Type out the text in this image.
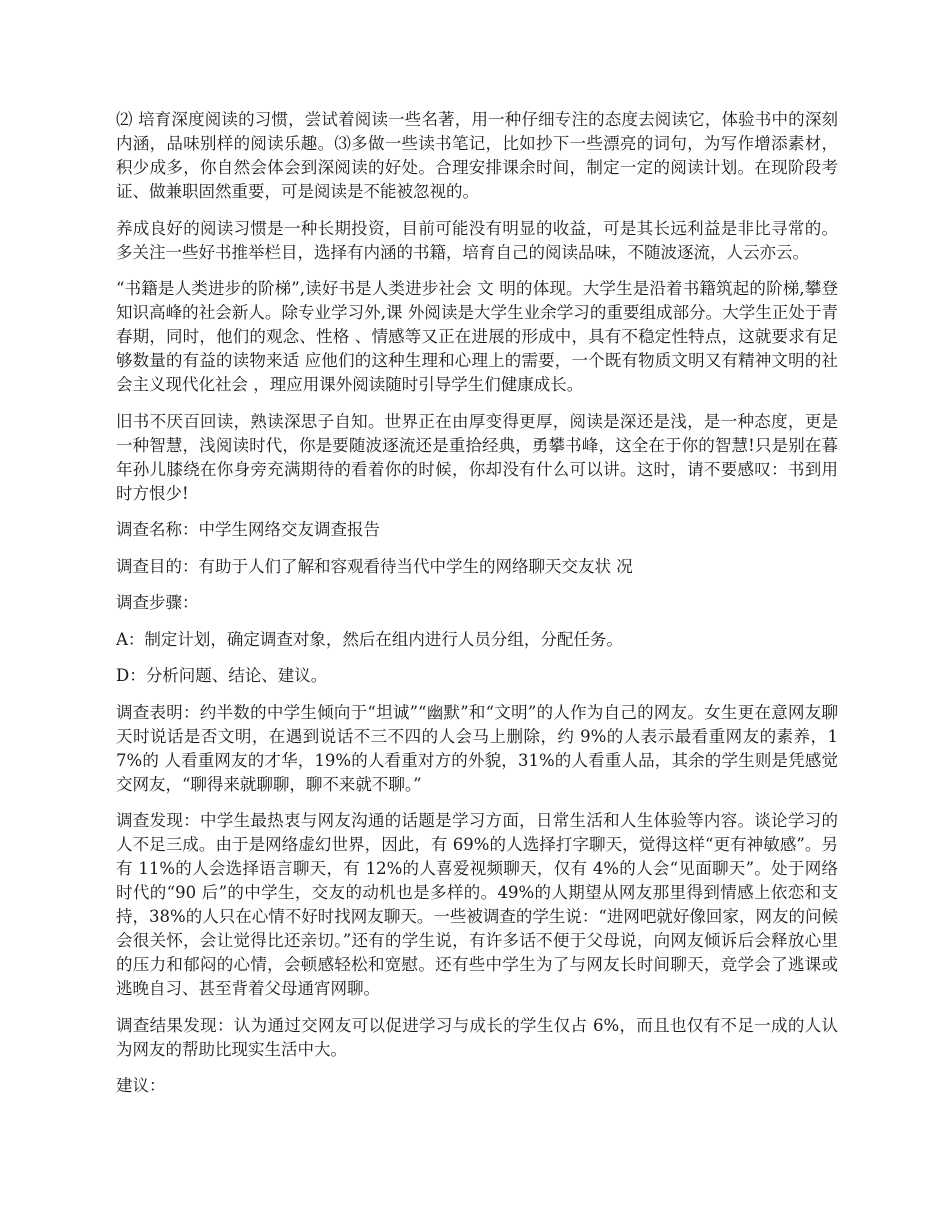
⑵ 培育深度阅读的习惯，尝试着阅读一些名著，用一种仔细专注的态度去阅读它，体验书中的深刻内涵，品味别样的阅读乐趣。⑶多做一些读书笔记，比如抄下一些漂亮的词句，为写作增添素材，积少成多，你自然会体会到深阅读的好处。合理安排课余时间，制定一定的阅读计划。在现阶段考证、做兼职固然重要，可是阅读是不能被忽视的。

养成良好的阅读习惯是一种长期投资，目前可能没有明显的收益，可是其长远利益是非比寻常的。多关注一些好书推举栏目，选择有内涵的书籍，培育自己的阅读品味，不随波逐流，人云亦云。

“书籍是人类进步的阶梯”,读好书是人类进步社会 文 明的体现。大学生是沿着书籍筑起的阶梯,攀登知识高峰的社会新人。除专业学习外,课 外阅读是大学生业余学习的重要组成部分。大学生正处于青春期，同时，他们的观念、性格 、情感等又正在进展的形成中，具有不稳定性特点，这就要求有足够数量的有益的读物来适 应他们的这种生理和心理上的需要，一个既有物质文明又有精神文明的社会主义现代化社会 ，理应用课外阅读随时引导学生们健康成长。

旧书不厌百回读，熟读深思子自知。世界正在由厚变得更厚，阅读是深还是浅，是一种态度，更是一种智慧，浅阅读时代，你是要随波逐流还是重拾经典，勇攀书峰，这全在于你的智慧!只是别在暮年孙儿膝绕在你身旁充满期待的看着你的时候，你却没有什么可以讲。这时，请不要感叹：书到用时方恨少!

调查名称：中学生网络交友调查报告

调查目的：有助于人们了解和容观看待当代中学生的网络聊天交友状 况

调查步骤：

A：制定计划，确定调查对象，然后在组内进行人员分组，分配任务。

D：分析问题、结论、建议。

调查表明：约半数的中学生倾向于“坦诚”“幽默”和“文明”的人作为自己的网友。女生更在意网友聊天时说话是否文明，在遇到说话不三不四的人会马上删除，约 9%的人表示最看重网友的素养，17%的 人看重网友的才华，19%的人看重对方的外貌，31%的人看重人品，其余的学生则是凭感觉交网友，“聊得来就聊聊，聊不来就不聊。”

调查发现：中学生最热衷与网友沟通的话题是学习方面，日常生活和人生体验等内容。谈论学习的人不足三成。由于是网络虚幻世界，因此，有 69%的人选择打字聊天，觉得这样“更有神敏感”。另有 11%的人会选择语言聊天，有 12%的人喜爱视频聊天，仅有 4%的人会“见面聊天”。处于网络时代的“90 后”的中学生，交友的动机也是多样的。49%的人期望从网友那里得到情感上依恋和支持，38%的人只在心情不好时找网友聊天。一些被调查的学生说：“进网吧就好像回家，网友的问候会很关怀，会让觉得比还亲切。”还有的学生说，有许多话不便于父母说，向网友倾诉后会释放心里的压力和郁闷的心情，会顿感轻松和宽慰。还有些中学生为了与网友长时间聊天，竞学会了逃课或逃晚自习、甚至背着父母通宵网聊。

调查结果发现：认为通过交网友可以促进学习与成长的学生仅占 6%，而且也仅有不足一成的人认为网友的帮助比现实生活中大。

建议：
